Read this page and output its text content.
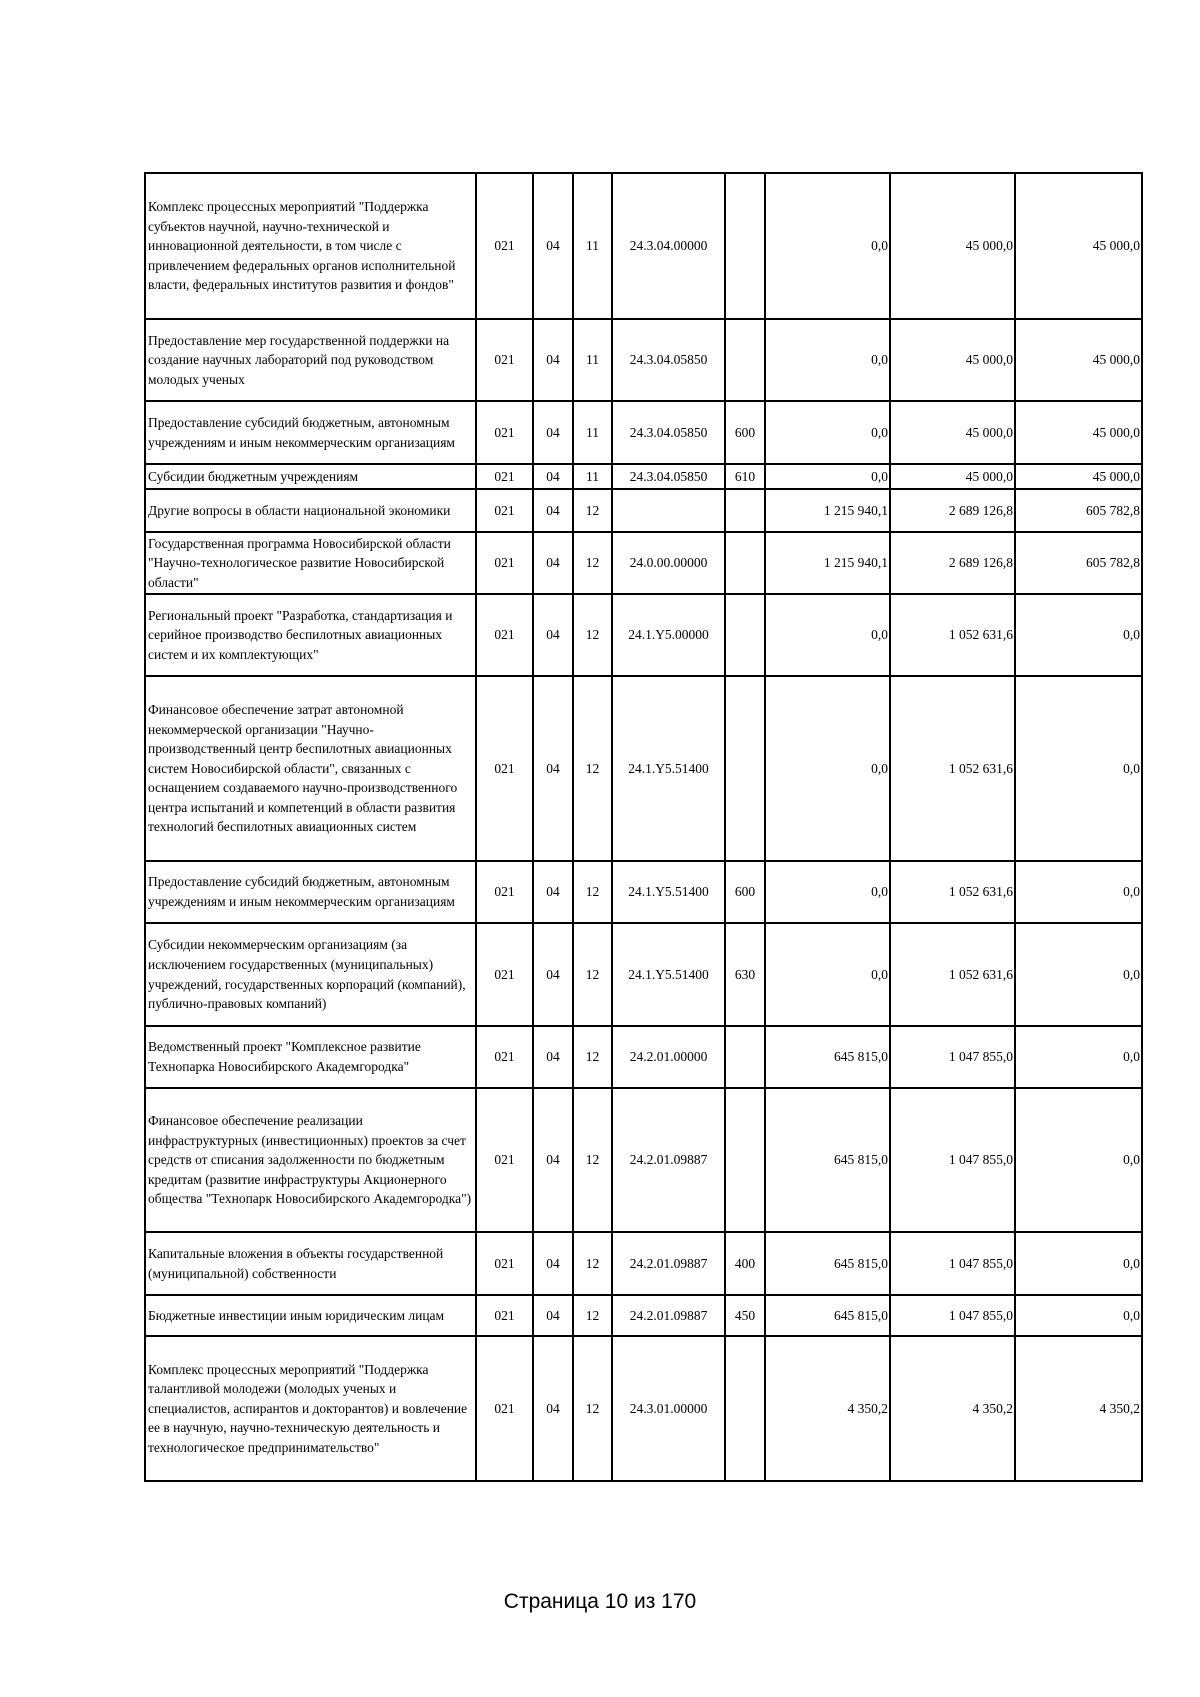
Комплекс процессных мероприятий "Поддержка субъектов научной, научно-технической и инновационной деятельности, в том числе с привлечением федеральных органов исполнительной власти, федеральных институтов развития и фондов"	021	04	11	24.3.04.00000		0,0	45 000,0	45 000,0
Предоставление мер государственной поддержки на создание научных лабораторий под руководством молодых ученых	021	04	11	24.3.04.05850		0,0	45 000,0	45 000,0
Предоставление субсидий бюджетным, автономным учреждениям и иным некоммерческим организациям	021	04	11	24.3.04.05850	600	0,0	45 000,0	45 000,0
Субсидии бюджетным учреждениям	021	04	11	24.3.04.05850	610	0,0	45 000,0	45 000,0
Другие вопросы в области национальной экономики	021	04	12			1 215 940,1	2 689 126,8	605 782,8
Государственная программа Новосибирской области "Научно-технологическое развитие Новосибирской области"	021	04	12	24.0.00.00000		1 215 940,1	2 689 126,8	605 782,8
Региональный проект "Разработка, стандартизация и серийное производство беспилотных авиационных систем и их комплектующих"	021	04	12	24.1.Y5.00000		0,0	1 052 631,6	0,0
Финансовое обеспечение затрат автономной некоммерческой организации "Научно-производственный центр беспилотных авиационных систем Новосибирской области", связанных с оснащением создаваемого научно-производственного центра испытаний и компетенций в области развития технологий беспилотных авиационных систем	021	04	12	24.1.Y5.51400		0,0	1 052 631,6	0,0
Предоставление субсидий бюджетным, автономным учреждениям и иным некоммерческим организациям	021	04	12	24.1.Y5.51400	600	0,0	1 052 631,6	0,0
Субсидии некоммерческим организациям (за исключением государственных (муниципальных) учреждений, государственных корпораций (компаний), публично-правовых компаний)	021	04	12	24.1.Y5.51400	630	0,0	1 052 631,6	0,0
Ведомственный проект "Комплексное развитие Технопарка Новосибирского Академгородка"	021	04	12	24.2.01.00000		645 815,0	1 047 855,0	0,0
Финансовое обеспечение реализации инфраструктурных (инвестиционных) проектов за счет средств от списания задолженности по бюджетным кредитам (развитие инфраструктуры Акционерного общества "Технопарк Новосибирского Академгородка")	021	04	12	24.2.01.09887		645 815,0	1 047 855,0	0,0
Капитальные вложения в объекты государственной (муниципальной) собственности	021	04	12	24.2.01.09887	400	645 815,0	1 047 855,0	0,0
Бюджетные инвестиции иным юридическим лицам	021	04	12	24.2.01.09887	450	645 815,0	1 047 855,0	0,0
Комплекс процессных мероприятий "Поддержка талантливой молодежи (молодых ученых и специалистов, аспирантов и докторантов) и вовлечение ее в научную, научно-техническую деятельность и технологическое предпринимательство"	021	04	12	24.3.01.00000		4 350,2	4 350,2	4 350,2
Страница 10 из 170
